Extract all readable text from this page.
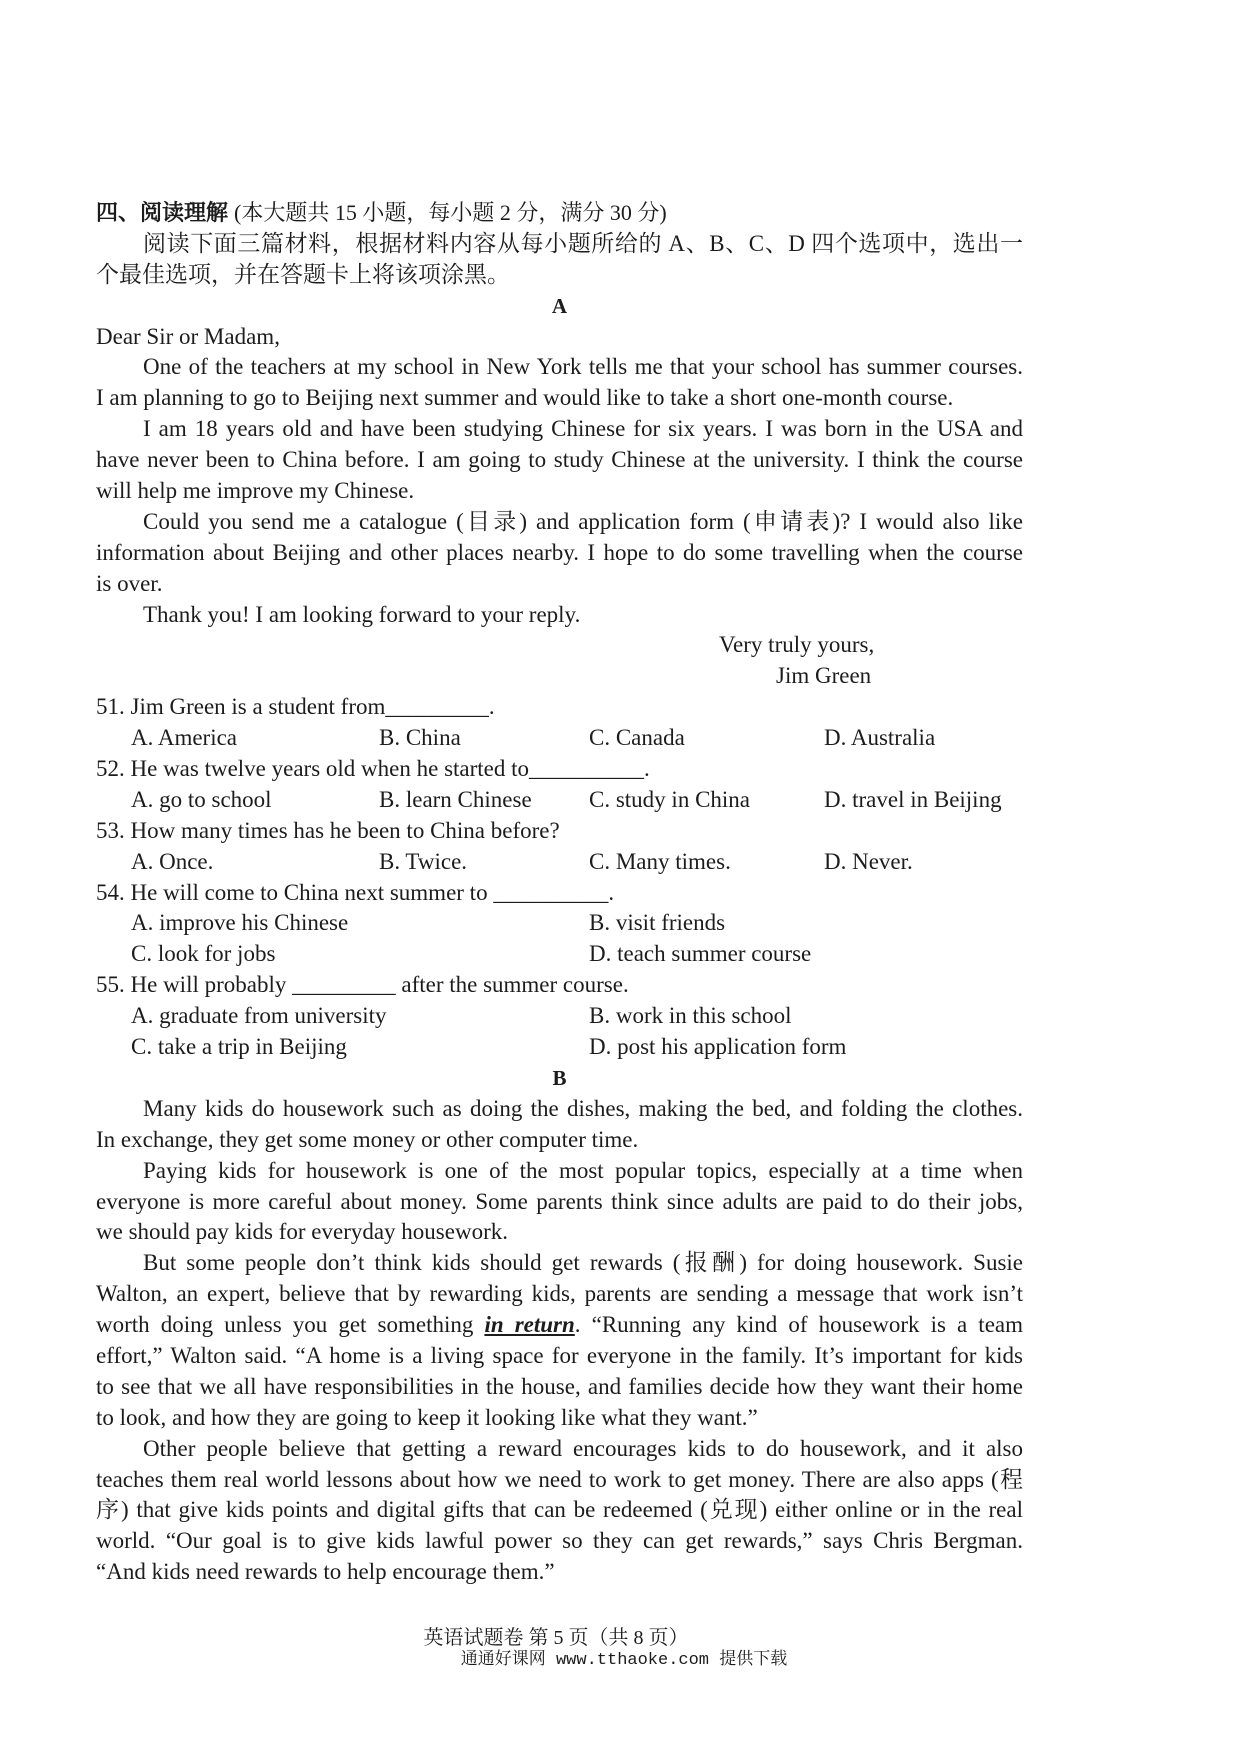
四、阅读理解 (本大题共 15 小题，每小题 2 分，满分 30 分)
阅读下面三篇材料，根据材料内容从每小题所给的 A、B、C、D 四个选项中，选出一
个最佳选项，并在答题卡上将该项涂黑。
A
Dear Sir or Madam,
One of the teachers at my school in New York tells me that your school has summer courses.
I am planning to go to Beijing next summer and would like to take a short one-month course.
I am 18 years old and have been studying Chinese for six years. I was born in the USA and
have never been to China before. I am going to study Chinese at the university. I think the course
will help me improve my Chinese.
Could you send me a catalogue (目录) and application form (申请表)? I would also like
information about Beijing and other places nearby. I hope to do some travelling when the course
is over.
Thank you! I am looking forward to your reply.
Very truly yours,
Jim Green
51. Jim Green is a student from_________.
A. America	B. China	C. Canada	D. Australia
52. He was twelve years old when he started to__________.
A. go to school	B. learn Chinese C. study in China	D. travel in Beijing
53. How many times has he been to China before?
A. Once.	B. Twice.	C. Many times.	D. Never.
54. He will come to China next summer to __________.
A. improve his Chinese	B. visit friends
C. look for jobs	D. teach summer course
55. He will probably _________ after the summer course.
A. graduate from university	B. work in this school
C. take a trip in Beijing	D. post his application form
B
Many kids do housework such as doing the dishes, making the bed, and folding the clothes.
In exchange, they get some money or other computer time.
Paying kids for housework is one of the most popular topics, especially at a time when
everyone is more careful about money. Some parents think since adults are paid to do their jobs,
we should pay kids for everyday housework.
But some people don’t think kids should get rewards (报酬) for doing housework. Susie
Walton, an expert, believe that by rewarding kids, parents are sending a message that work isn’t
worth doing unless you get something in return. “Running any kind of housework is a team
effort,” Walton said. “A home is a living space for everyone in the family. It’s important for kids
to see that we all have responsibilities in the house, and families decide how they want their home
to look, and how they are going to keep it looking like what they want.”
Other people believe that getting a reward encourages kids to do housework, and it also
teaches them real world lessons about how we need to work to get money. There are also apps (程
序) that give kids points and digital gifts that can be redeemed (兑现) either online or in the real
world. “Our goal is to give kids lawful power so they can get rewards,” says Chris Bergman.
“And kids need rewards to help encourage them.”
英语试题卷 第 5 页（共 8 页）
通通好课网 www.tthaoke.com 提供下载
